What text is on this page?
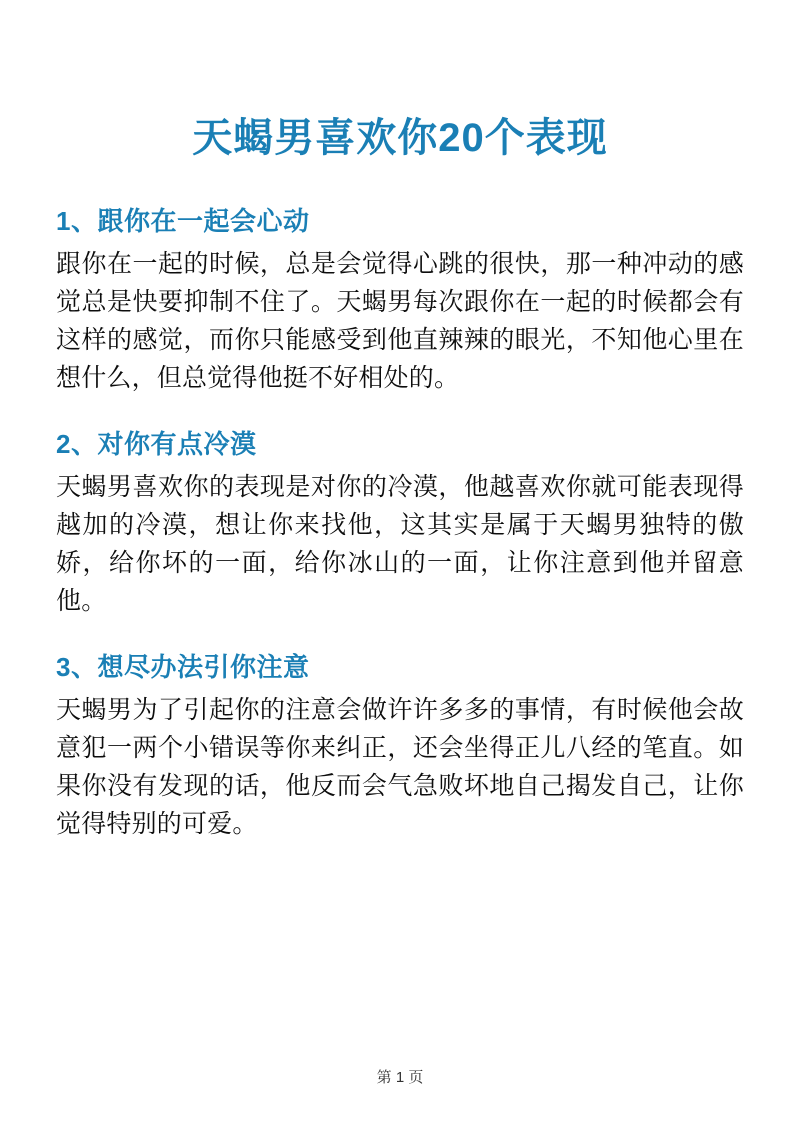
天蝎男喜欢你20个表现
1、跟你在一起会心动

跟你在一起的时候，总是会觉得心跳的很快，那一种冲动的感觉总是快要抑制不住了。天蝎男每次跟你在一起的时候都会有这样的感觉，而你只能感受到他直辣辣的眼光，不知他心里在想什么，但总觉得他挺不好相处的。

2、对你有点冷漠

天蝎男喜欢你的表现是对你的冷漠，他越喜欢你就可能表现得越加的冷漠，想让你来找他，这其实是属于天蝎男独特的傲娇，给你坏的一面，给你冰山的一面，让你注意到他并留意他。

3、想尽办法引你注意

天蝎男为了引起你的注意会做许许多多的事情，有时候他会故意犯一两个小错误等你来纠正，还会坐得正儿八经的笔直。如果你没有发现的话，他反而会气急败坏地自己揭发自己，让你觉得特别的可爱。

第 1 页
